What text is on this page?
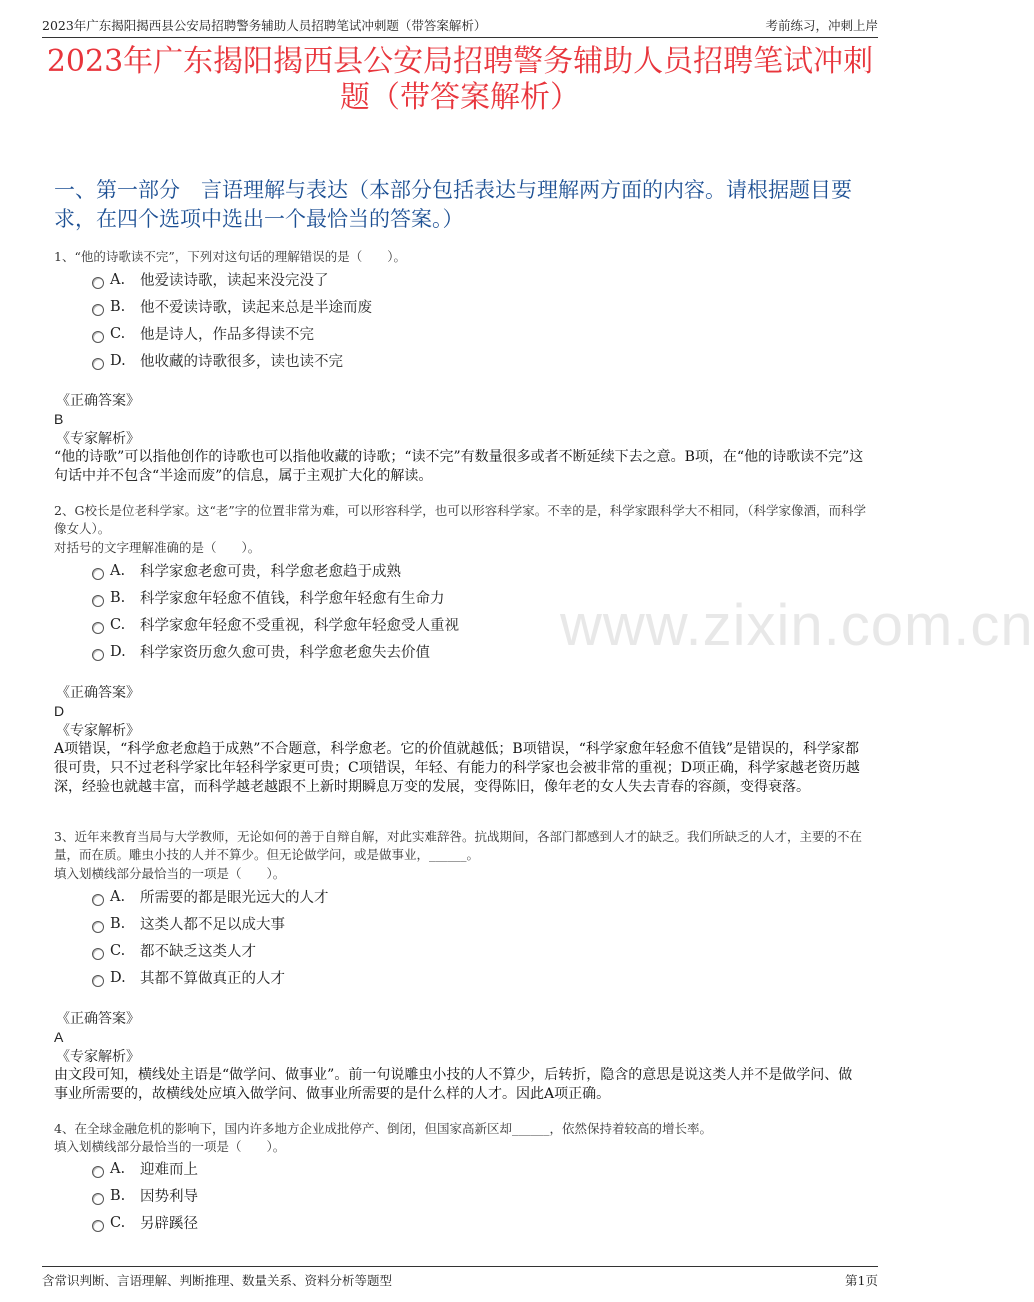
2023年广东揭阳揭西县公安局招聘警务辅助人员招聘笔试冲刺题（带答案解析）	考前练习，冲刺上岸
2023年广东揭阳揭西县公安局招聘警务辅助人员招聘笔试冲刺题（带答案解析）
一、第一部分　言语理解与表达（本部分包括表达与理解两方面的内容。请根据题目要求，在四个选项中选出一个最恰当的答案。）
www.zixin.com.cn
1、“他的诗歌读不完”，下列对这句话的理解错误的是（　　）。
A.	他爱读诗歌，读起来没完没了
B.	他不爱读诗歌，读起来总是半途而废
C.	他是诗人，作品多得读不完
D. 他收藏的诗歌很多，读也读不完
《正确答案》
B
《专家解析》
“他的诗歌”可以指他创作的诗歌也可以指他收藏的诗歌；“读不完”有数量很多或者不断延续下去之意。B项，在“他的诗歌读不完”这句话中并不包含“半途而废”的信息，属于主观扩大化的解读。
2、G校长是位老科学家。这“老”字的位置非常为难，可以形容科学，也可以形容科学家。不幸的是，科学家跟科学大不相同，（科学家像酒，而科学像女人）。
对括号的文字理解准确的是（　　）。
A.	科学家愈老愈可贵，科学愈老愈趋于成熟
B.	科学家愈年轻愈不值钱，科学愈年轻愈有生命力
C.	科学家愈年轻愈不受重视，科学愈年轻愈受人重视
D. 科学家资历愈久愈可贵，科学愈老愈失去价值
《正确答案》
D
《专家解析》
A项错误，“科学愈老愈趋于成熟”不合题意，科学愈老。它的价值就越低；B项错误，“科学家愈年轻愈不值钱”是错误的，科学家都很可贵，只不过老科学家比年轻科学家更可贵；C项错误，年轻、有能力的科学家也会被非常的重视；D项正确，科学家越老资历越深，经验也就越丰富，而科学越老越跟不上新时期瞬息万变的发展，变得陈旧，像年老的女人失去青春的容颜，变得衰落。
3、近年来教育当局与大学教师，无论如何的善于自辩自解，对此实难辞咎。抗战期间，各部门都感到人才的缺乏。我们所缺乏的人才，主要的不在量，而在质。雕虫小技的人并不算少。但无论做学问，或是做事业，______。
填入划横线部分最恰当的一项是（　　）。
A.	所需要的都是眼光远大的人才
B.	这类人都不足以成大事
C.	都不缺乏这类人才
D. 其都不算做真正的人才
《正确答案》
A
《专家解析》
由文段可知，横线处主语是“做学问、做事业”。前一句说雕虫小技的人不算少，后转折，隐含的意思是说这类人并不是做学问、做事业所需要的，故横线处应填入做学问、做事业所需要的是什么样的人才。因此A项正确。
4、在全球金融危机的影响下，国内许多地方企业成批停产、倒闭，但国家高新区却______，依然保持着较高的增长率。
填入划横线部分最恰当的一项是（　　）。
A.	迎难而上
B.	因势利导
C.	另辟蹊径
含常识判断、言语理解、判断推理、数量关系、资料分析等题型	第1页
